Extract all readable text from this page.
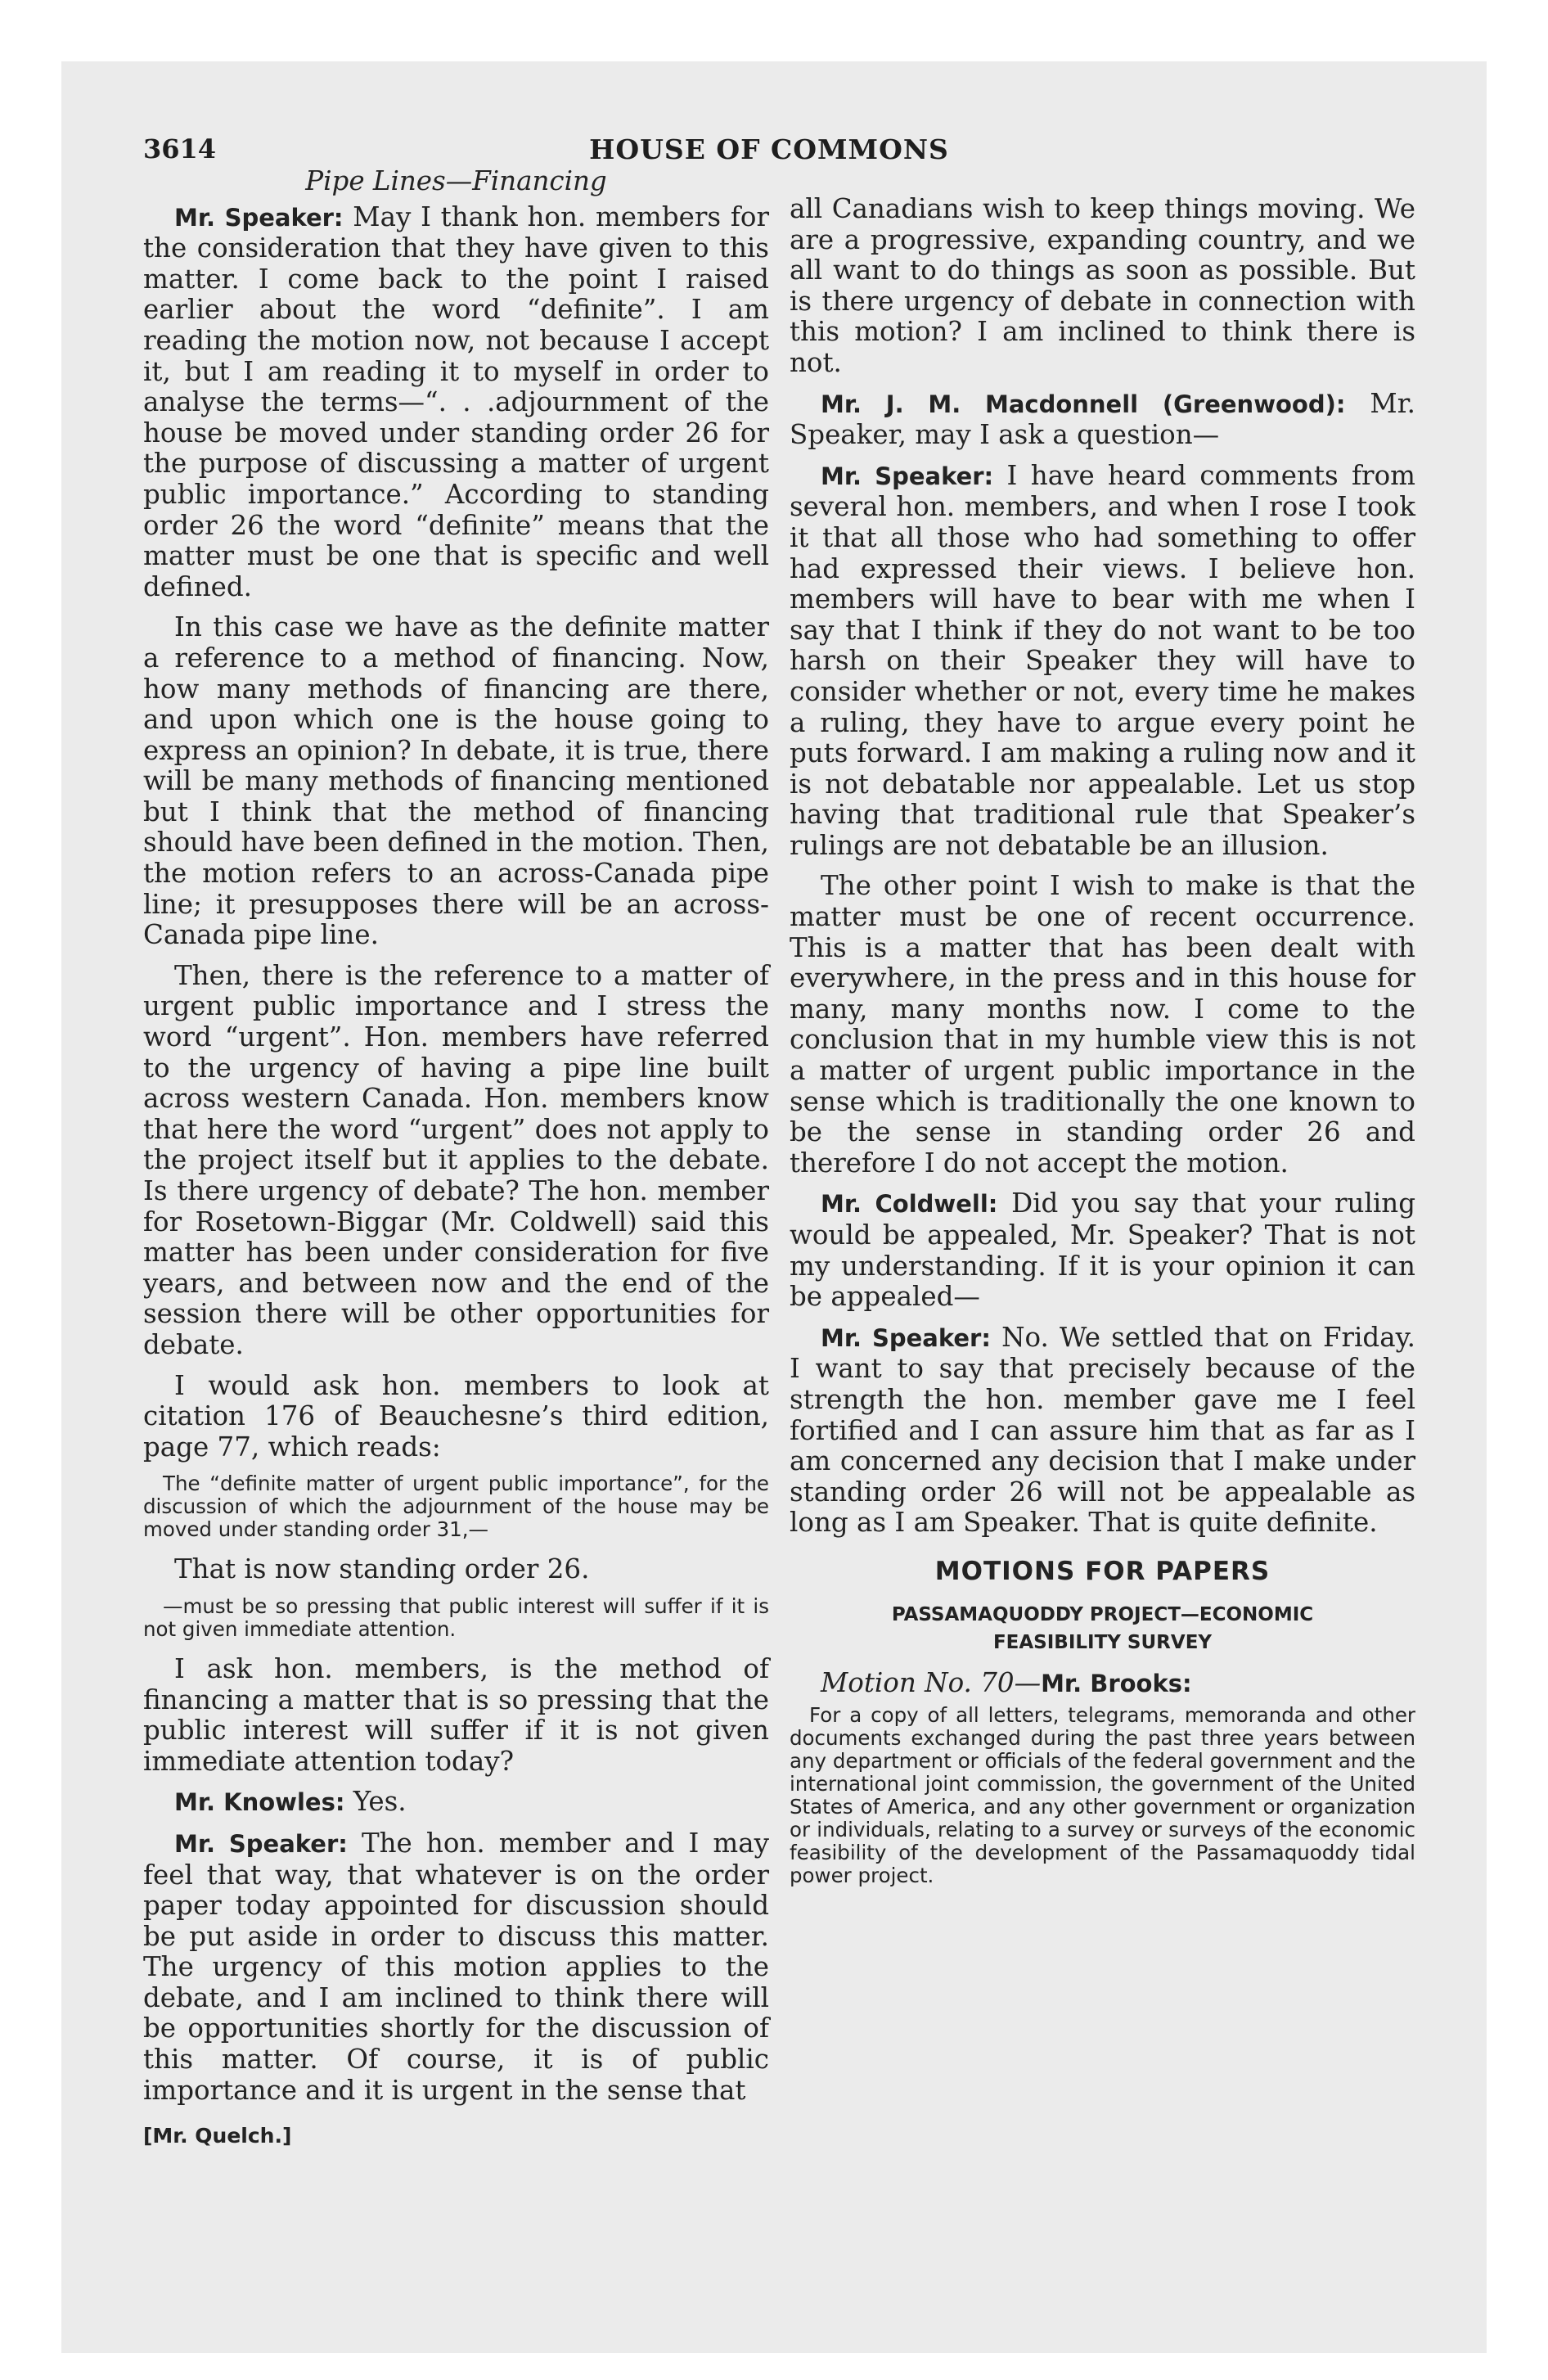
3614	HOUSE OF COMMONS
Pipe Lines—Financing

Mr. Speaker: May I thank hon. members for the consideration that they have given to this matter. I come back to the point I raised earlier about the word “definite”. I am reading the motion now, not because I accept it, but I am reading it to myself in order to analyse the terms—“. . .adjournment of the house be moved under standing order 26 for the purpose of discussing a matter of urgent public importance.” According to standing order 26 the word “definite” means that the matter must be one that is specific and well defined.

In this case we have as the definite matter a reference to a method of financing. Now, how many methods of financing are there, and upon which one is the house going to express an opinion? In debate, it is true, there will be many methods of financing mentioned but I think that the method of financing should have been defined in the motion. Then, the motion refers to an across-Canada pipe line; it presupposes there will be an across-Canada pipe line.

Then, there is the reference to a matter of urgent public importance and I stress the word “urgent”. Hon. members have referred to the urgency of having a pipe line built across western Canada. Hon. members know that here the word “urgent” does not apply to the project itself but it applies to the debate. Is there urgency of debate? The hon. member for Rosetown-Biggar (Mr. Coldwell) said this matter has been under consideration for five years, and between now and the end of the session there will be other opportunities for debate.

I would ask hon. members to look at citation 176 of Beauchesne’s third edition, page 77, which reads:

The “definite matter of urgent public importance”, for the discussion of which the adjournment of the house may be moved under standing order 31,—

That is now standing order 26.

—must be so pressing that public interest will suffer if it is not given immediate attention.

I ask hon. members, is the method of financing a matter that is so pressing that the public interest will suffer if it is not given immediate attention today?

Mr. Knowles: Yes.

Mr. Speaker: The hon. member and I may feel that way, that whatever is on the order paper today appointed for discussion should be put aside in order to discuss this matter. The urgency of this motion applies to the debate, and I am inclined to think there will be opportunities shortly for the discussion of this matter. Of course, it is of public importance and it is urgent in the sense that

[Mr. Quelch.]

all Canadians wish to keep things moving. We are a progressive, expanding country, and we all want to do things as soon as possible. But is there urgency of debate in connection with this motion? I am inclined to think there is not.

Mr. J. M. Macdonnell (Greenwood): Mr. Speaker, may I ask a question—

Mr. Speaker: I have heard comments from several hon. members, and when I rose I took it that all those who had something to offer had expressed their views. I believe hon. members will have to bear with me when I say that I think if they do not want to be too harsh on their Speaker they will have to consider whether or not, every time he makes a ruling, they have to argue every point he puts forward. I am making a ruling now and it is not debatable nor appealable. Let us stop having that traditional rule that Speaker’s rulings are not debatable be an illusion.

The other point I wish to make is that the matter must be one of recent occurrence. This is a matter that has been dealt with everywhere, in the press and in this house for many, many months now. I come to the conclusion that in my humble view this is not a matter of urgent public importance in the sense which is traditionally the one known to be the sense in standing order 26 and therefore I do not accept the motion.

Mr. Coldwell: Did you say that your ruling would be appealed, Mr. Speaker? That is not my understanding. If it is your opinion it can be appealed—

Mr. Speaker: No. We settled that on Friday. I want to say that precisely because of the strength the hon. member gave me I feel fortified and I can assure him that as far as I am concerned any decision that I make under standing order 26 will not be appealable as long as I am Speaker. That is quite definite.

MOTIONS FOR PAPERS
PASSAMAQUODDY PROJECT—ECONOMIC
FEASIBILITY SURVEY

Motion No. 70—Mr. Brooks:

For a copy of all letters, telegrams, memoranda and other documents exchanged during the past three years between any department or officials of the federal government and the international joint commission, the government of the United States of America, and any other government or organization or individuals, relating to a survey or surveys of the economic feasibility of the development of the Passamaquoddy tidal power project.
